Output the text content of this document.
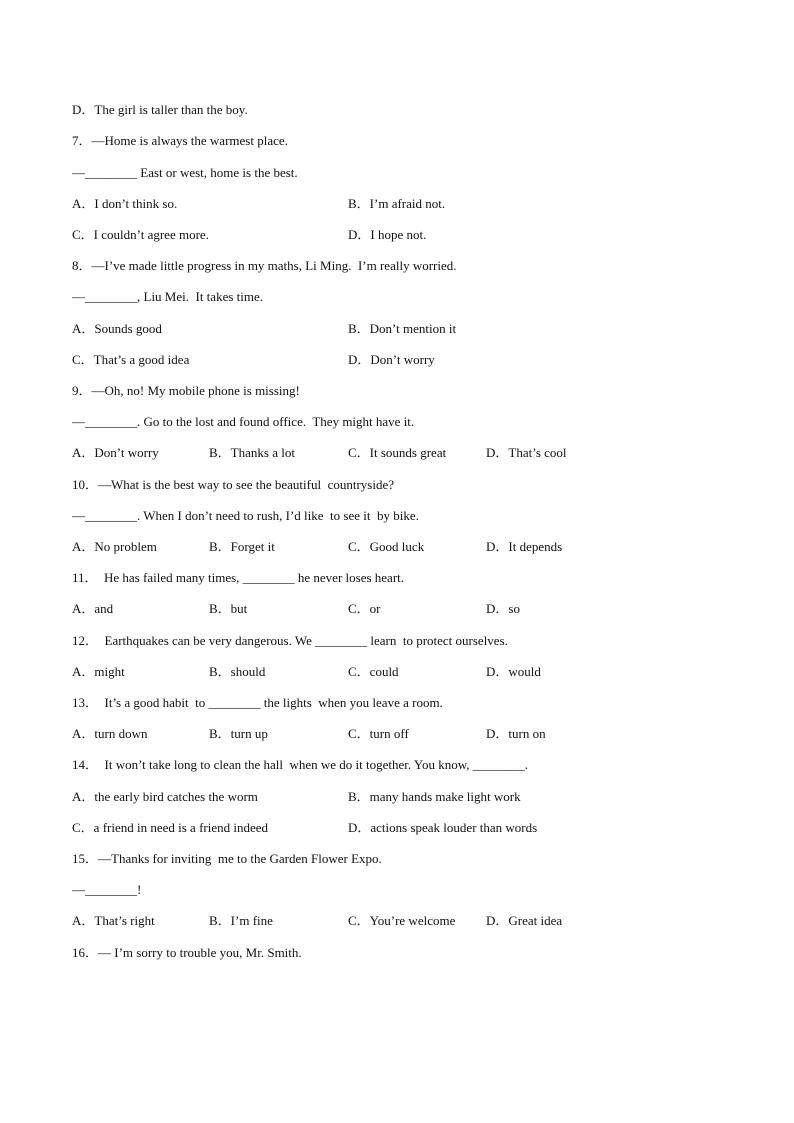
D．The girl is taller than the boy.
7．—Home is always the warmest place.
—________ East or west, home is the best.
A．I don’t think so.	B．I’m afraid not.
C．I couldn’t agree more.	D．I hope not.
8．—I’ve made little progress in my maths, Li Ming.  I’m really worried.
—________, Liu Mei.  It takes time.
A．Sounds good	B．Don’t mention it
C．That’s a good idea	D．Don’t worry
9．—Oh, no! My mobile phone is missing!
—________. Go to the lost and found office.  They might have it.
A．Don’t worry	B．Thanks a lot	C．It sounds great	D．That’s cool
10．—What is the best way to see the beautiful  countryside?
—________. When I don’t need to rush, I’d like  to see it  by bike.
A．No problem	B．Forget it	C．Good luck	D．It depends
11．  He has failed many times, ________ he never loses heart.
A．and	B．but	C．or	D．so
12．  Earthquakes can be very dangerous. We ________ learn  to protect ourselves.
A．might	B．should	C．could	D．would
13．  It’s a good habit  to ________ the lights  when you leave a room.
A．turn down	B．turn up	C．turn off	D．turn on
14．  It won’t take long to clean the hall  when we do it together. You know, ________.
A．the early bird catches the worm	B．many hands make light work
C．a friend in need is a friend indeed	D．actions speak louder than words
15．—Thanks for inviting  me to the Garden Flower Expo.
—________!
A．That’s right	B．I’m fine	C．You’re welcome D．Great idea
16．— I’m sorry to trouble you, Mr. Smith.
